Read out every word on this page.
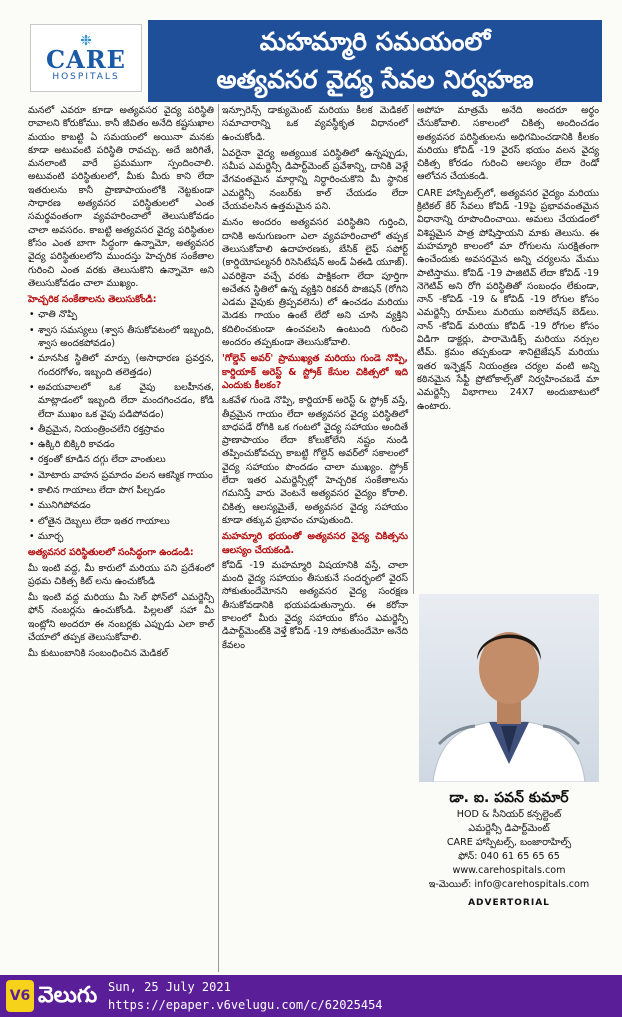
❉
CARE
HOSPITALS
మహమ్మారి సమయంలో
అత్యవసర వైద్య సేవల నిర్వహణ

మనలో ఎవరూ కూడా అత్యవసర వైద్య పరిస్థితి రావాలని కోరుకోము. కానీ జీవితం అనేది కష్టసుఖాల మయం కాబట్టి ఏ సమయంలో అయినా మనకు కూడా అటువంటి పరిస్థితి రావచ్చు. అదే జరిగితే, మనలాంటి వారే ప్రమముగా స్పందించాలి. అటువంటి పరిస్థితులలో, మీకు మీరు కాని లేదా ఇతరులను కానీ ప్రాణాపాయంలోకి నెట్టకుండా సాధారణ అత్యవసర పరిస్థితులలో ఎంత సమర్థవంతంగా వ్యవహరించాలో తెలుసుకోవడం చాలా అవసరం. కాబట్టి అత్యవసర వైద్య పరిస్థితుల కోసం ఎంత బాగా సిద్ధంగా ఉన్నామో, అత్యవసర వైద్య పరిస్థితులలోని ముందస్తు హెచ్చరిక సంకేతాల గురించి ఎంత వరకు తెలుసుకొని ఉన్నామో అని తెలుసుకోవడం చాలా ముఖ్యం.

హెచ్చరిక సంకేతాలను తెలుసుకోండి:
• ఛాతి నొప్పి
• శ్వాస సమస్యలు (శ్వాస తీసుకోవటంలో ఇబ్బంది, శ్వాస అందకపోవడం)
• మానసిక స్థితిలో మార్పు (అసాధారణ ప్రవర్తన, గందరగోళం, ఇబ్బంది తలెత్తడం)
• అవయవాలలో ఒక వైపు బలహీనత, మాట్లాడంలో ఇబ్బంది లేదా మందగించడం, కోడి లేదా ముఖం ఒక వైపు పడిపోవడం)
• తీవ్రమైన, నియంత్రించలేని రక్తస్రావం
• ఉక్కిరి బిక్కిరి కావడం
• రక్తంతో కూడిన దగ్గు లేదా వాంతులు
• మోటారు వాహన ప్రమాదం వలన ఆకస్మిక గాయం
• కాలిన గాయాలు లేదా పొగ పీల్చడం
• మునిగిపోవడం
• లోతైన దెబ్బలు లేదా ఇతర గాయాలు
• మూర్ఛ
అత్యవసర పరిస్థితులలో సంసిద్ధంగా ఉండండి:

మీ ఇంటి వద్ద, మీ కారులో మరియు పని ప్రదేశంలో ప్రథమ చికిత్స కిట్ లను ఉంచుకోండి

మీ ఇంటి వద్ద మరియు మీ సెల్ ఫోన్‌లో ఎమర్జెన్సీ ఫోన్ నంబర్లను ఉంచుకోండి. పిల్లలతో సహా మీ ఇంట్లోని అందరూ ఈ నంబర్లకు ఎప్పుడు ఎలా కాల్ చేయాలో తప్పక తెలుసుకోవాలి.

మీ కుటుంబానికి సంబంధించిన మెడికల్

ఇన్సూరెన్స్ డాక్యుమెంట్ మరియు కీలక మెడికల్ సమాచారాన్ని ఒక వ్యవస్థీకృత విధానంలో ఉంచుకోండి.

ఏవరైనా వైద్య అత్యయిక పరిస్థితిలో ఉన్నప్పుడు, సమీప ఎమర్జెన్సీ డిపార్ట్‌మెంట్ ప్రవేశాన్ని, దానికి వెళ్లే వేగవంతమైన మార్గాన్ని నిర్ధారించుకొని మీ స్థానిక ఎమర్జెన్సీ నంబర్‌కు కాల్ చేయడం లేదా చేయవలసిన ఉత్తమమైన పని.

మనం అందరం అత్యవసర పరిస్థితిని గుర్తించి, దానికి అనుగుణంగా ఎలా వ్యవహరించాలో తప్పక తెలుసుకోవాలి ఉదాహరణకు, బేసిక్ లైఫ్ సపోర్ట్ (కార్డియోపల్మనరీ రిసెసిటేషన్ అండ్ ఏఈడి యూజ్). ఎవరికైనా వచ్చే వరకు పాక్షికంగా లేదా పూర్తిగా అచేతన స్థితిలో ఉన్న వ్యక్తిని రికవరీ పొజిషన్ (రోగిని ఎడమ వైపుకు త్రిప్పవలెను) లో ఉంచడం మరియు మెడకు గాయం ఉంటే లేదో అని చూసి వ్యక్తిని కదిలించకుండా ఉంచవలసి ఉంటుంది గురించి అందరం తప్పకుండా తెలుసుకోవాలి.

'గోల్డెన్ అవర్' ప్రాముఖ్యత మరియు గుండె నొప్పి, కార్డియాక్ అరెస్ట్ & స్ట్రోక్ కేసుల చికిత్సలో ఇది ఎందుకు కీలకం?

ఒకవేళ గుండె నొప్పి, కార్డియాక్ అరెస్ట్ & స్ట్రోక్ వస్తే, తీవ్రమైన గాయం లేదా అత్యవసర వైద్య పరిస్థితిలో బాధపడే రోగికి ఒక గంటలో వైద్య సహాయం అందితే ప్రాణాపాయం లేదా కోలుకోలేని నష్టం నుండి తప్పించుకోవచ్చు కాబట్టి గోల్డెన్ అవర్‌లో సకాలంలో వైద్య సహాయం పొందడం చాలా ముఖ్యం. స్ట్రోక్ లేదా ఇతర ఎమర్జెన్సీల్లో హెచ్చరిక సంకేతాలను గమనిస్తే వారు వెంటనే అత్యవసర వైద్యం కోరాలి. చికిత్స ఆలస్యమైతే, అత్యవసర వైద్య సహాయం కూడా తక్కువ ప్రభావం చూపుతుంది.

మహమ్మారి భయంతో అత్యవసర వైద్య చికిత్సను ఆలస్యం చేయకండి.

కోవిడ్ -19 మహమ్మారి విషయానికి వస్తే, చాలా మంది వైద్య సహాయం తీసుకునే సందర్భంలో వైరస్ సోకుతుందేమోనని అత్యవసర వైద్య సంరక్షణ తీసుకోవడానికి భయపడుతున్నారు. ఈ కరోనా కాలంలో మీరు వైద్య సహాయం కోసం ఎమర్జెన్సీ డిపార్ట్‌మెంట్‌కి వెళ్తే కోవిడ్ -19 సోకుతుందేమో అనేది కేవలం

అపోహ మాత్రమే అనేది అందరూ అర్థం చేసుకోవాలి. సకాలంలో చికిత్స అందించడం అత్యవసర పరిస్థితులను అధిగమించడానికి కీలకం మరియు కోవిడ్ -19 వైరస్ భయం వలన వైద్య చికిత్స కోరడం గురించి ఆలస్యం లేదా రెండో ఆలోచన చేయకండి.

CARE హాస్పిటల్స్‌లో, అత్యవసర వైద్యం మరియు క్రిటికల్ కేర్ సేవలు కోవిడ్ -19పై ప్రభావవంతమైన విధానాన్ని రూపొందించాయి. అమలు చేయడంలో విశిష్టమైన పాత్ర పోషిస్తాయని మాకు తెలుసు. ఈ మహమ్మారి కాలంలో మా రోగులను సురక్షితంగా ఉంచేందుకు అవసరమైన అన్ని చర్యలను మేము పాటిస్తాము. కోవిడ్ -19 పాజిటివ్ లేదా కోవిడ్ -19 నెగెటివ్ అని రోగి పరిస్థితితో సంబంధం లేకుండా, నాన్ -కోవిడ్ -19 & కోవిడ్ -19 రోగుల కోసం ఎమర్జెన్సీ రూమ్‌లు మరియు ఐసోలేషన్ బెడ్‌లు. నాన్ -కోవిడ్ మరియు కోవిడ్ -19 రోగుల కోసం విడిగా డాక్టర్లు, పారామెడిక్స్ మరియు నర్సుల టీమ్. క్రమం తప్పకుండా శానిటైజేషన్ మరియు ఇతర ఇన్ఫెక్షన్ నియంత్రణ చర్యల వంటి అన్ని కఠినమైన సేఫ్టీ ప్రోటోకాల్స్‌తో నిర్వహించబడే మా ఎమర్జెన్సీ విభాగాలు 24X7 అందుబాటులో ఉంటారు.

డా. ఐ. పవన్ కుమార్
HOD & సీనియర్ కన్సల్టెంట్
ఎమర్జెన్సీ డిపార్ట్‌మెంట్
CARE హాస్పిటల్స్, బంజారాహిల్స్
ఫోన్: 040 61 65 65 65
www.carehospitals.com
ఇ-మెయిల్: info@carehospitals.com
ADVERTORIAL
V6 వెలుగు Sun, 25 July 2021
https://epaper.v6velugu.com/c/62025454
